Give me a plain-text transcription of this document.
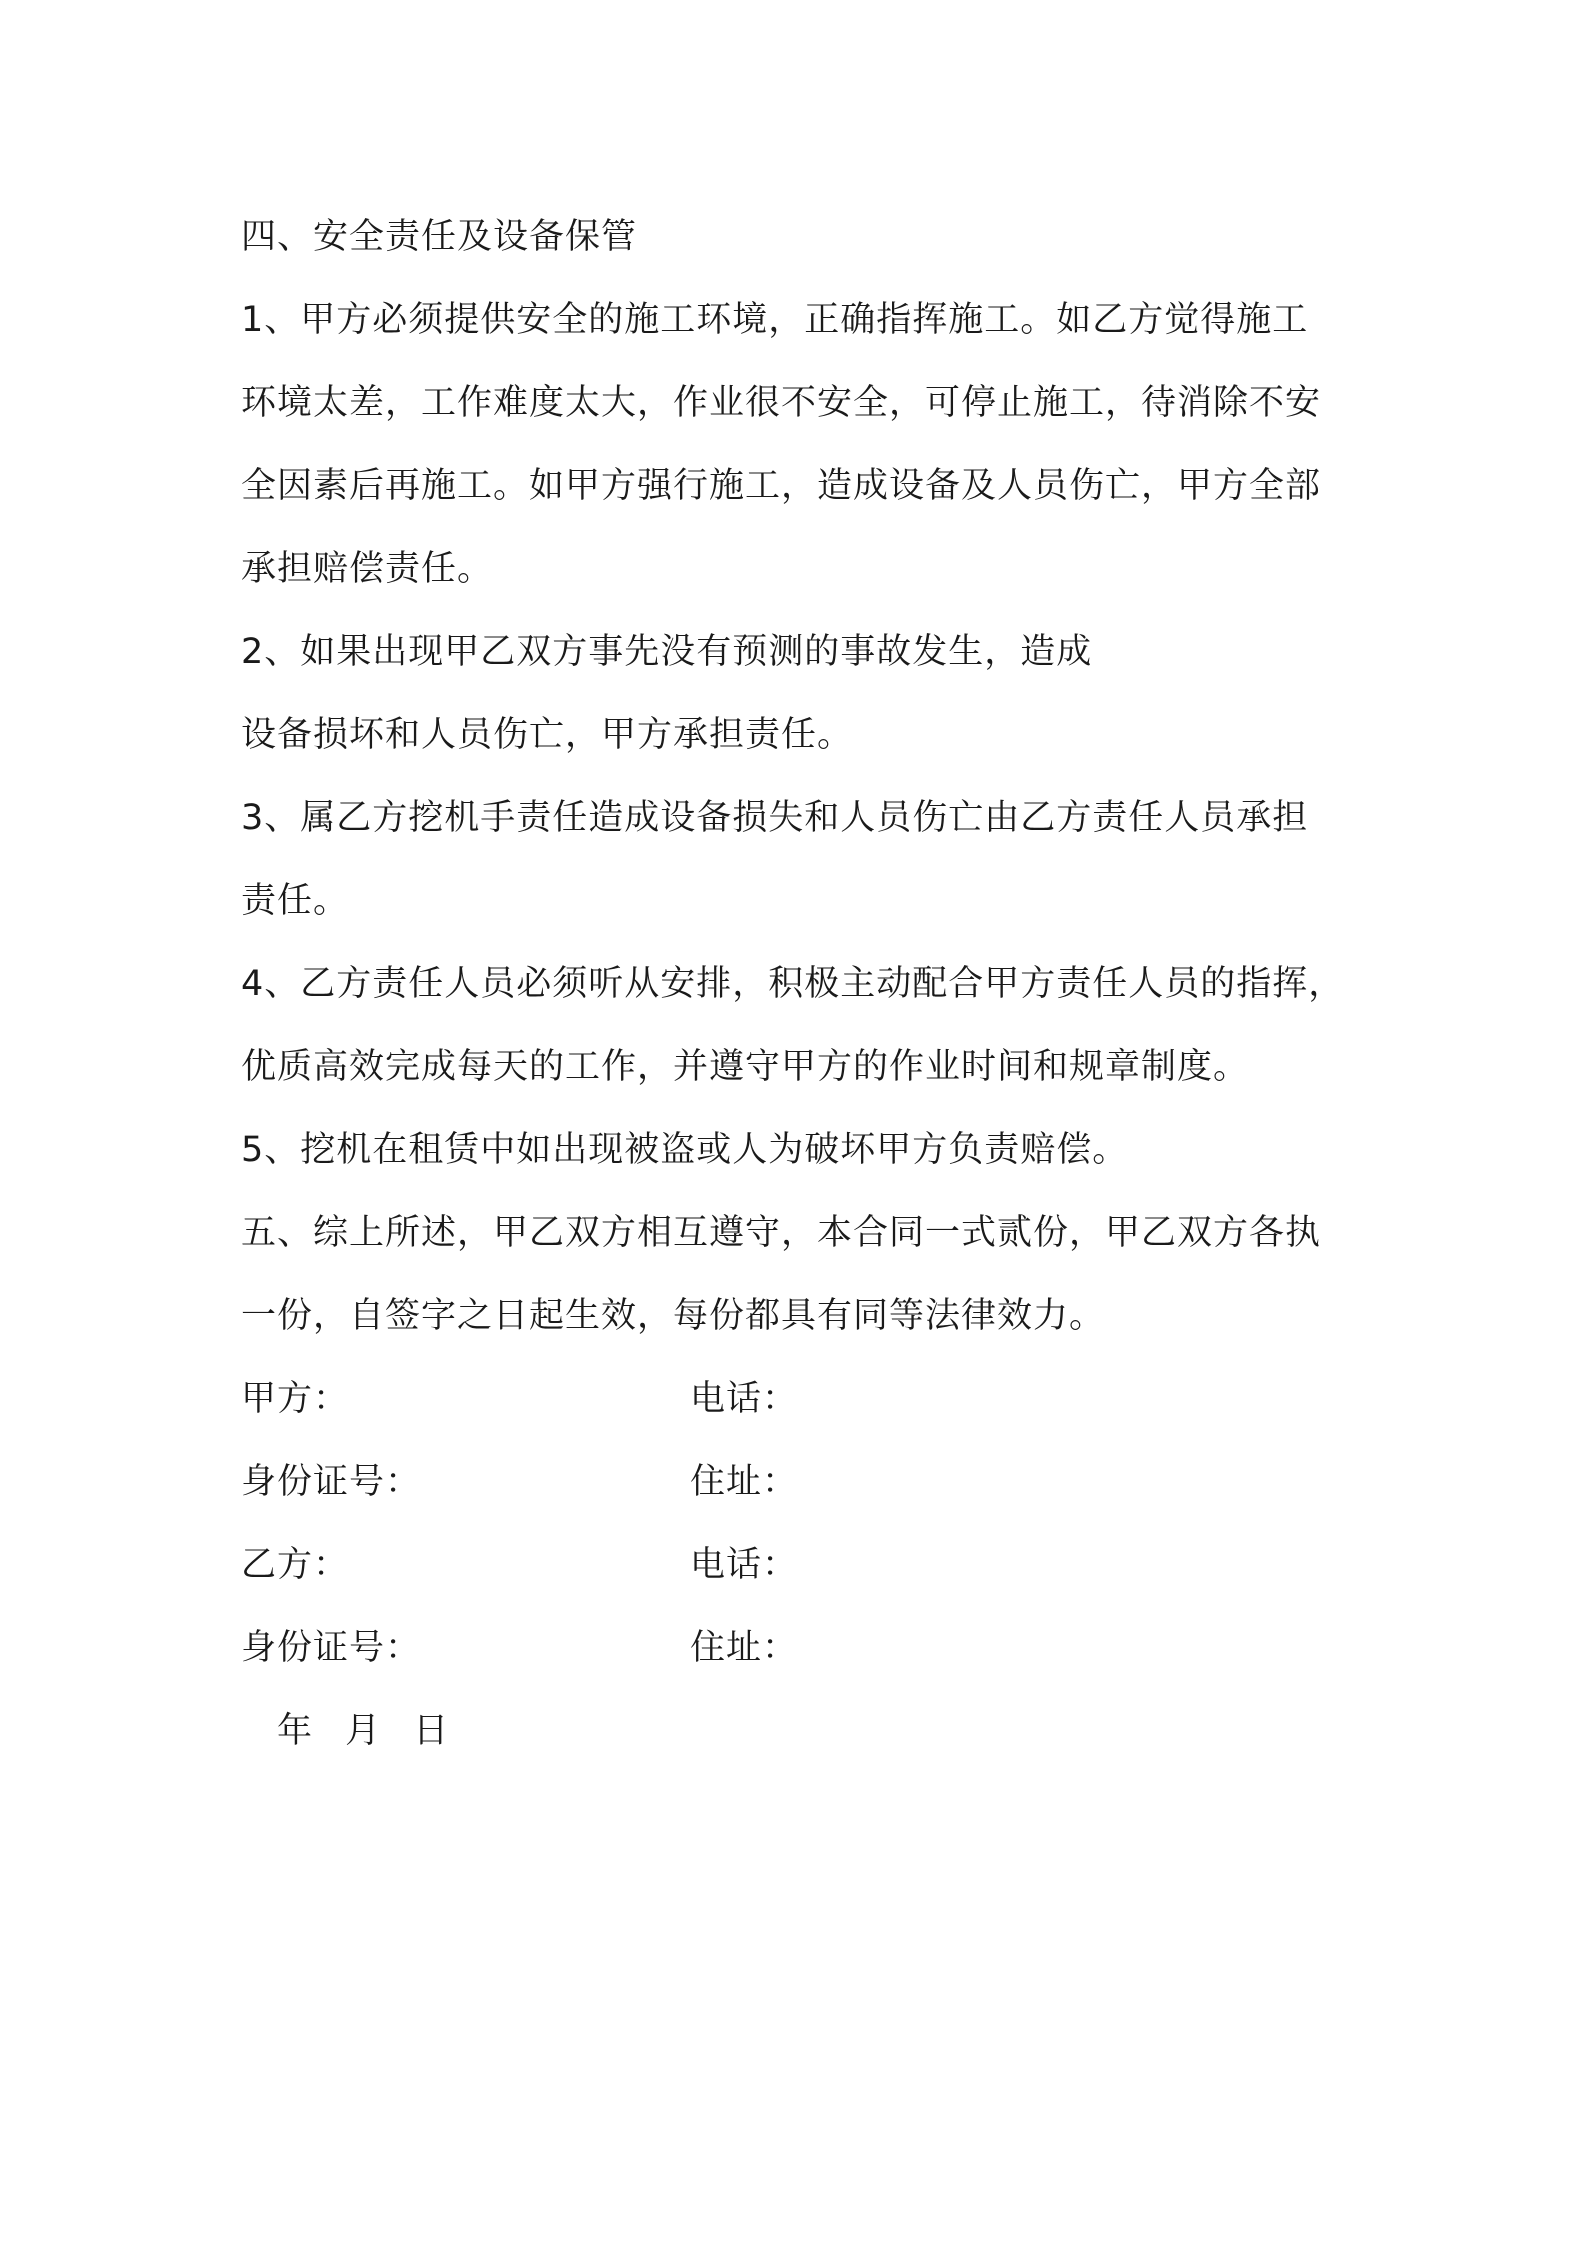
四、安全责任及设备保管
1、甲方必须提供安全的施工环境，正确指挥施工。如乙方觉得施工
环境太差，工作难度太大，作业很不安全，可停止施工，待消除不安
全因素后再施工。如甲方强行施工，造成设备及人员伤亡，甲方全部
承担赔偿责任。
2、如果出现甲乙双方事先没有预测的事故发生，造成
设备损坏和人员伤亡，甲方承担责任。
3、属乙方挖机手责任造成设备损失和人员伤亡由乙方责任人员承担
责任。
4、乙方责任人员必须听从安排，积极主动配合甲方责任人员的指挥，
优质高效完成每天的工作，并遵守甲方的作业时间和规章制度。
5、挖机在租赁中如出现被盗或人为破坏甲方负责赔偿。
五、综上所述，甲乙双方相互遵守，本合同一式贰份，甲乙双方各执
一份，自签字之日起生效，每份都具有同等法律效力。
甲方：	电话：
身份证号：	住址：
乙方：	电话：
身份证号：	住址：
年 月 日
